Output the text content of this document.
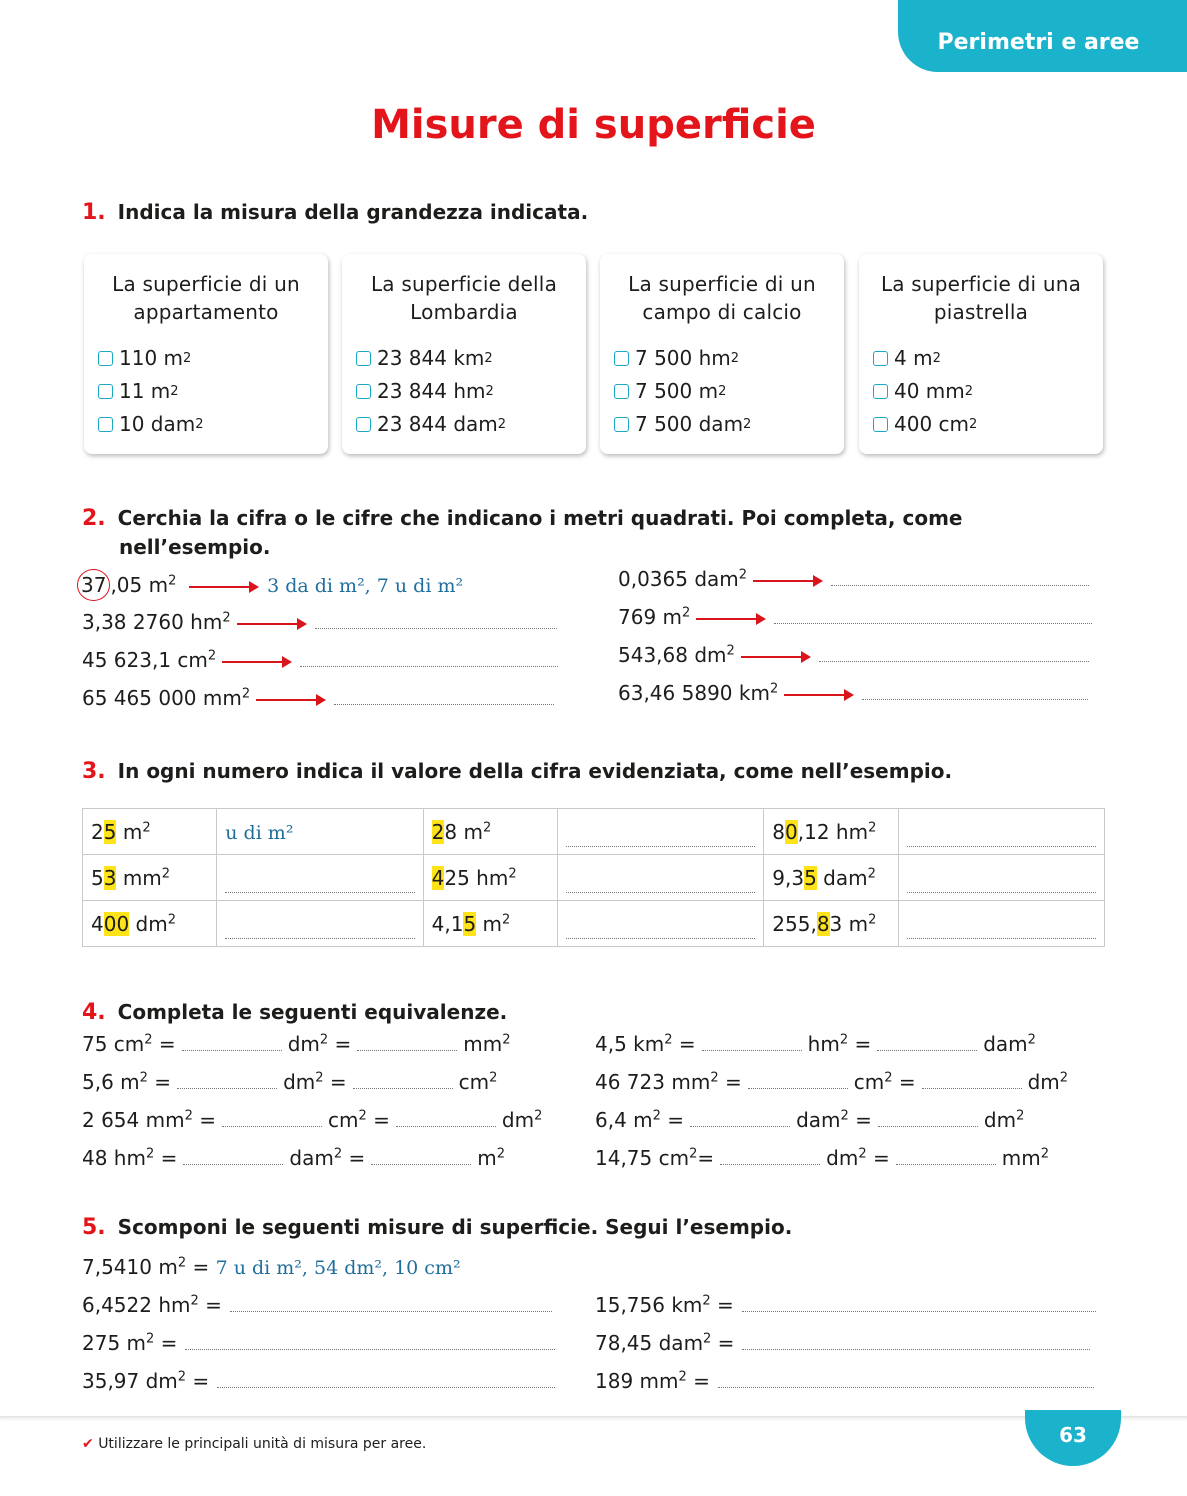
Perimetri e aree
Misure di superficie
1. Indica la misura della grandezza indicata.
La superficie di un appartamento
110 m 2
11 m 2
10 dam 2
La superficie della Lombardia
23 844 km 2
23 844 hm 2
23 844 dam 2
La superficie di un campo di calcio
7 500 hm 2
7 500 m 2
7 500 dam 2
La superficie di una piastrella
4 m 2
40 mm 2
400 cm 2
2. Cerchia la cifra o le cifre che indicano i metri quadrati. Poi completa, come
nell’esempio.
37 ,05 $m^2$	3 da di m², 7 u di m²
3,38 2760 $hm^2$
45 623,1 $cm^2$
65 465 000 $mm^2$
0,0365 dam$^2$
769 $m^2$
543,68 $dm^2$
63,46 5890 $km^2$
3. In ogni numero indica il valore della cifra evidenziata, come nell’esempio.
25 $m^2$	u di m²	28 $m^2$		80,12 $hm^2$	

53 $mm^2$		425 $hm^2$		9,35 dam$^2$	

400 $dm^2$		4,15 $m^2$		255,83 $m^2$	
4. Completa le seguenti equivalenze.
75 $cm^2$ =	$dm^2$ =	$mm^2$
5,6 $m^2$ =	$dm^2$ =	$cm^2$
2 654 $mm^2$ =	$cm^2$ =	$dm^2$
48 $hm^2$ =	dam$^2$ =	$m^2$
4,5 $km^2$ =	$hm^2$ =	dam$^2$
46 723 $mm^2$ =	$cm^2$ =	$dm^2$
6,4 $m^2$ =	dam$^2$ =	$dm^2$
14,75 $cm^2=$	$dm^2$ =	$mm^2$
5. Scomponi le seguenti misure di superficie. Segui l’esempio.
7,5410 $m^2 = 7$ u di m², 54 dm², 10 cm²
6,4522 $hm^2$ =
275 $m^2$ =
35,97 $dm^2$ =
15,756 $km^2$ =
78,45 dam$^2$ =
189 $mm^2$ =
63
✔ Utilizzare le principali unità di misura per aree.
